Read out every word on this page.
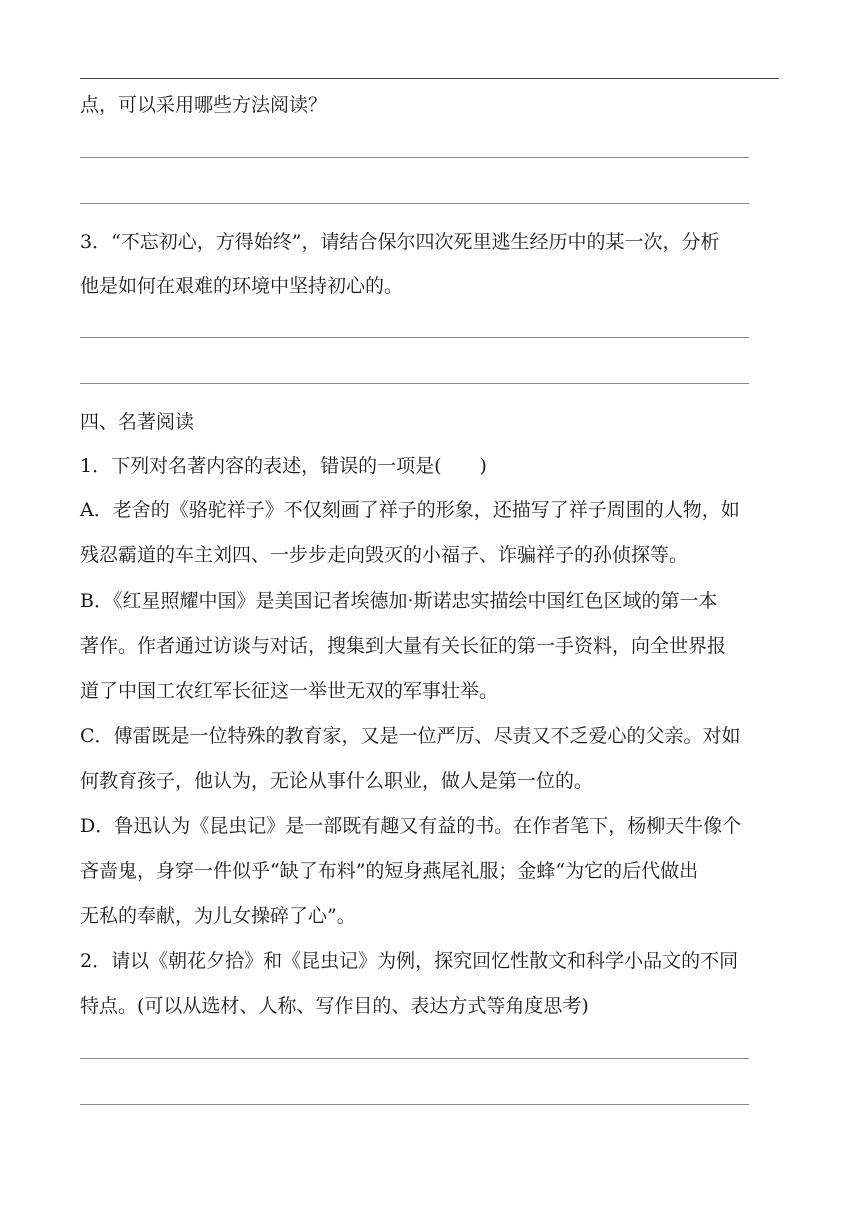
点，可以采用哪些方法阅读？
3．“不忘初心，方得始终”，请结合保尔四次死里逃生经历中的某一次，分析
他是如何在艰难的环境中坚持初心的。
四、名著阅读
1．下列对名著内容的表述，错误的一项是(　　)
A．老舍的《骆驼祥子》不仅刻画了祥子的形象，还描写了祥子周围的人物，如
残忍霸道的车主刘四、一步步走向毁灭的小福子、诈骗祥子的孙侦探等。
B．《红星照耀中国》是美国记者埃德加·斯诺忠实描绘中国红色区域的第一本
著作。作者通过访谈与对话，搜集到大量有关长征的第一手资料，向全世界报
道了中国工农红军长征这一举世无双的军事壮举。
C．傅雷既是一位特殊的教育家，又是一位严厉、尽责又不乏爱心的父亲。对如
何教育孩子，他认为，无论从事什么职业，做人是第一位的。
D．鲁迅认为《昆虫记》是一部既有趣又有益的书。在作者笔下，杨柳天牛像个
吝啬鬼，身穿一件似乎“缺了布料”的短身燕尾礼服；金蜂“为它的后代做出
无私的奉献，为儿女操碎了心”。
2．请以《朝花夕拾》和《昆虫记》为例，探究回忆性散文和科学小品文的不同
特点。(可以从选材、人称、写作目的、表达方式等角度思考)
